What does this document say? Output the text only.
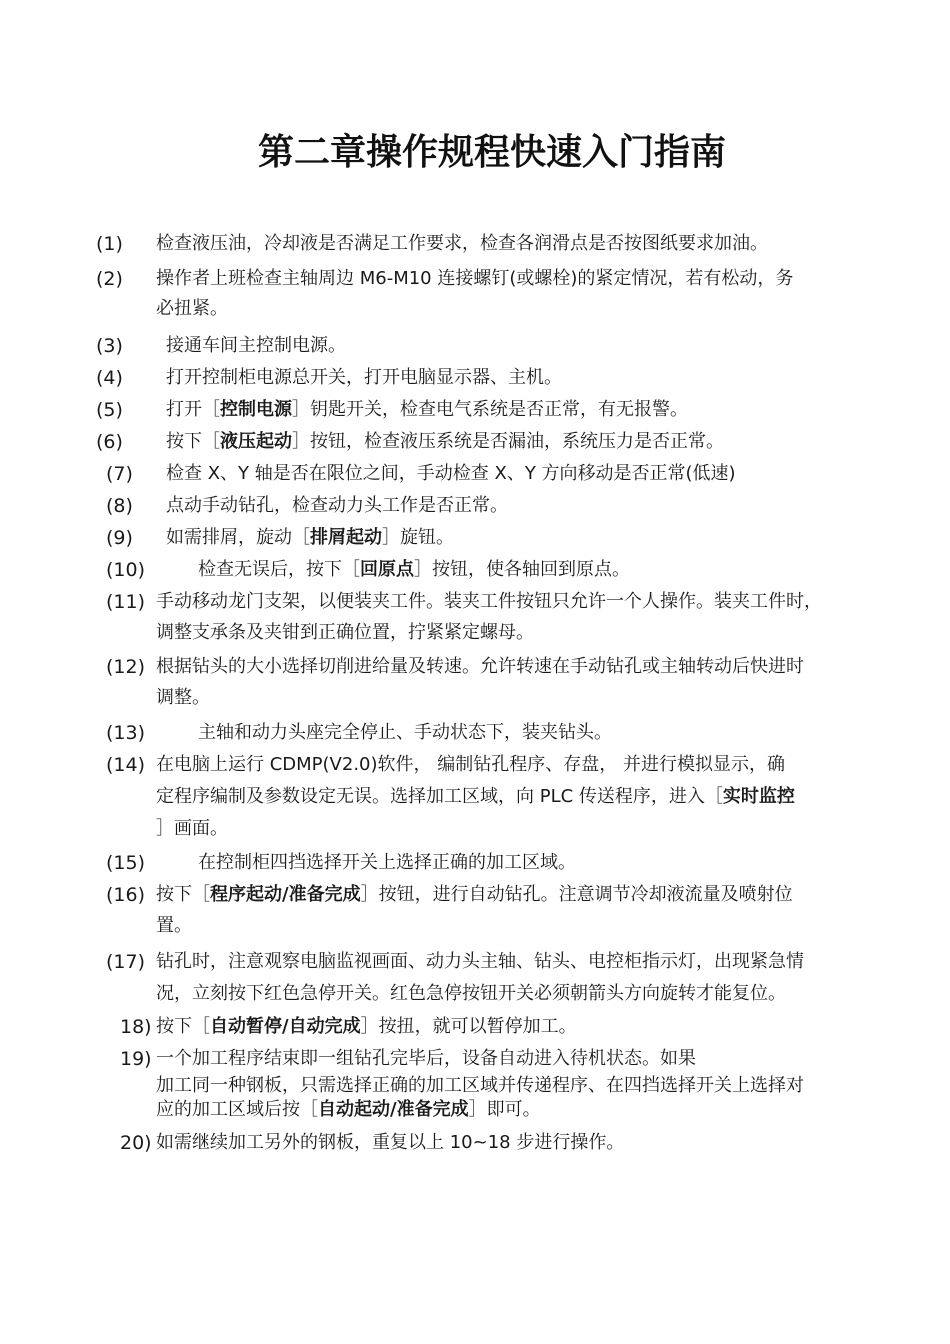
第二章操作规程快速入门指南
(1) 检查液压油，冷却液是否满足工作要求，检查各润滑点是否按图纸要求加油。
(2) 操作者上班检查主轴周边 M6-M10 连接螺钉(或螺栓)的紧定情况，若有松动，务
必扭紧。
(3) 接通车间主控制电源。
(4) 打开控制柜电源总开关，打开电脑显示器、主机。
(5) 打开［控制电源］钥匙开关，检查电气系统是否正常，有无报警。
(6) 按下［液压起动］按钮，检查液压系统是否漏油，系统压力是否正常。
(7) 检查 X、Y 轴是否在限位之间，手动检查 X、Y 方向移动是否正常(低速)
(8) 点动手动钻孔，检查动力头工作是否正常。
(9) 如需排屑，旋动［排屑起动］旋钮。
(10)	检查无误后，按下［回原点］按钮，使各轴回到原点。
(11) 手动移动龙门支架，以便装夹工件。装夹工件按钮只允许一个人操作。装夹工件时，
调整支承条及夹钳到正确位置，拧紧紧定螺母。
(12) 根据钻头的大小选择切削进给量及转速。允许转速在手动钻孔或主轴转动后快进时
调整。
(13)	主轴和动力头座完全停止、手动状态下，装夹钻头。
(14) 在电脑上运行 CDMP(V2.0)软件， 编制钻孔程序、存盘， 并进行模拟显示，确
定程序编制及参数设定无误。选择加工区域，向 PLC 传送程序，进入［实时监控
］画面。
(15)	在控制柜四挡选择开关上选择正确的加工区域。
(16) 按下［程序起动/准备完成］按钮，进行自动钻孔。注意调节冷却液流量及喷射位
置。
(17) 钻孔时，注意观察电脑监视画面、动力头主轴、钻头、电控柜指示灯，出现紧急情
况，立刻按下红色急停开关。红色急停按钮开关必须朝箭头方向旋转才能复位。
18) 按下［自动暂停/自动完成］按扭，就可以暂停加工。
19) 一个加工程序结束即一组钻孔完毕后，设备自动进入待机状态。如果
加工同一种钢板，只需选择正确的加工区域并传递程序、在四挡选择开关上选择对
应的加工区域后按［自动起动/准备完成］即可。
20) 如需继续加工另外的钢板，重复以上 10~18 步进行操作。
